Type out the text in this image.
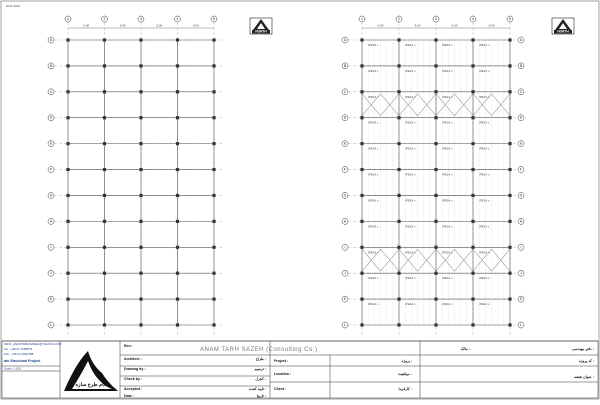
2012 2013
1	2	3	4	5
5.00	5.00	5.00	5.00
A
B
C
D
E
F
G
H
I
J
K
L
1	2	3	4	5
5.00	5.00	5.00	5.00
A	A
B	B
C	C
D	D
E	E
F	F
G	G
H	H
I	I
J	J
K	K
L	L
IPE14 x	IPE14 x	IPE14 x	IPE14 x
IPE14 x	IPE14 x	IPE14 x	IPE14 x
IPE14 x	IPE14 x	IPE14 x	IPE14 x
IPE14 x	IPE14 x	IPE14 x	IPE14 x
IPE14 x	IPE14 x	IPE14 x	IPE14 x
IPE14 x	IPE14 x	IPE14 x	IPE14 x
IPE14 x	IPE14 x	IPE14 x	IPE14 x
IPE14 x	IPE14 x	IPE14 x	IPE14 x
IPE14 x	IPE14 x	IPE14 x	IPE14 x
IPE14 x	IPE14 x	IPE14 x	IPE14 x
IPE14 x	IPE14 x	IPE14 x	IPE14 x
NORTH	NORTH
INFO_ANAMTARHSAZEH@YAHOO.COM
Tel : +98 21 2258879
Fax : +98 21 2600788
ate Structural Project
Scale: 1:100
آنام طرح سازه
Rev:
Architect :	طراح :
Drawing by :	ترسیم :
Check by :	کنترل :
Accepted :	تایید کننده :
Date :	تاریخ :
ANAM TARH SAZEH (Consulting Co.)
Project :
Location :
Client :
پروژه :
موقعیت :
کارفرما :
مالک :	دفتر مهندسی :
کد پروژه :
عنوان نقشه :
